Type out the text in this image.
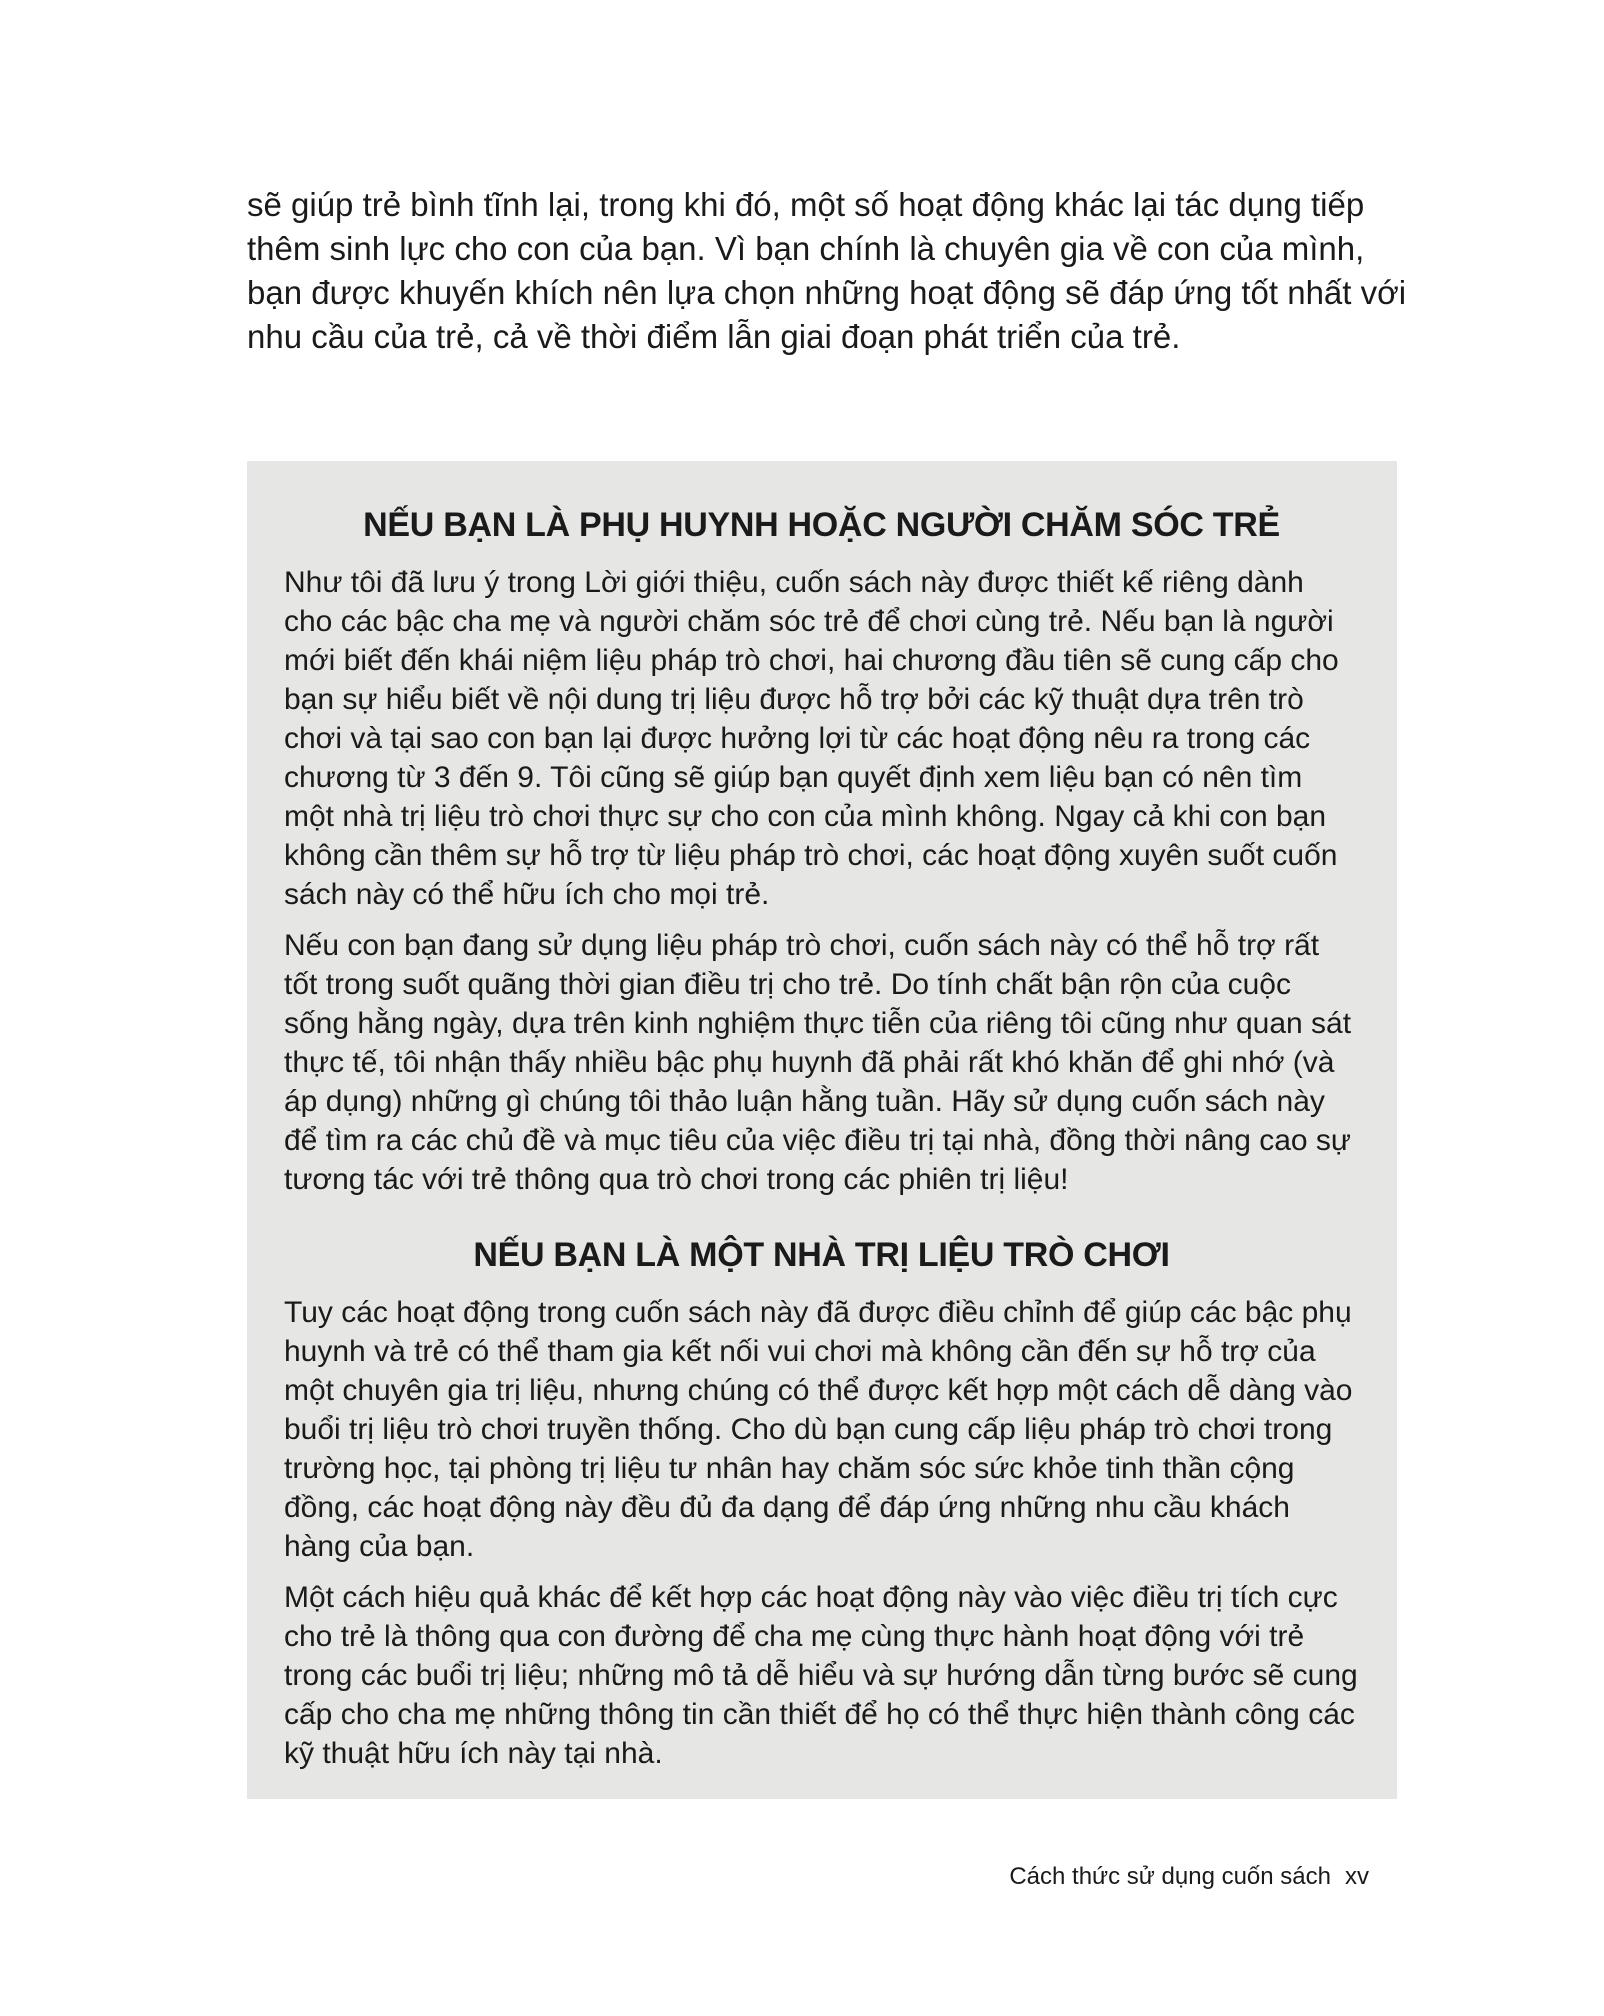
sẽ giúp trẻ bình tĩnh lại, trong khi đó, một số hoạt động khác lại tác dụng tiếp thêm sinh lực cho con của bạn. Vì bạn chính là chuyên gia về con của mình, bạn được khuyến khích nên lựa chọn những hoạt động sẽ đáp ứng tốt nhất với nhu cầu của trẻ, cả về thời điểm lẫn giai đoạn phát triển của trẻ.

NẾU BẠN LÀ PHỤ HUYNH HOẶC NGƯỜI CHĂM SÓC TRẺ

Như tôi đã lưu ý trong Lời giới thiệu, cuốn sách này được thiết kế riêng dành cho các bậc cha mẹ và người chăm sóc trẻ để chơi cùng trẻ. Nếu bạn là người mới biết đến khái niệm liệu pháp trò chơi, hai chương đầu tiên sẽ cung cấp cho bạn sự hiểu biết về nội dung trị liệu được hỗ trợ bởi các kỹ thuật dựa trên trò chơi và tại sao con bạn lại được hưởng lợi từ các hoạt động nêu ra trong các chương từ 3 đến 9. Tôi cũng sẽ giúp bạn quyết định xem liệu bạn có nên tìm một nhà trị liệu trò chơi thực sự cho con của mình không. Ngay cả khi con bạn không cần thêm sự hỗ trợ từ liệu pháp trò chơi, các hoạt động xuyên suốt cuốn sách này có thể hữu ích cho mọi trẻ.

Nếu con bạn đang sử dụng liệu pháp trò chơi, cuốn sách này có thể hỗ trợ rất tốt trong suốt quãng thời gian điều trị cho trẻ. Do tính chất bận rộn của cuộc sống hằng ngày, dựa trên kinh nghiệm thực tiễn của riêng tôi cũng như quan sát thực tế, tôi nhận thấy nhiều bậc phụ huynh đã phải rất khó khăn để ghi nhớ (và áp dụng) những gì chúng tôi thảo luận hằng tuần. Hãy sử dụng cuốn sách này để tìm ra các chủ đề và mục tiêu của việc điều trị tại nhà, đồng thời nâng cao sự tương tác với trẻ thông qua trò chơi trong các phiên trị liệu!

NẾU BẠN LÀ MỘT NHÀ TRỊ LIỆU TRÒ CHƠI

Tuy các hoạt động trong cuốn sách này đã được điều chỉnh để giúp các bậc phụ huynh và trẻ có thể tham gia kết nối vui chơi mà không cần đến sự hỗ trợ của một chuyên gia trị liệu, nhưng chúng có thể được kết hợp một cách dễ dàng vào buổi trị liệu trò chơi truyền thống. Cho dù bạn cung cấp liệu pháp trò chơi trong trường học, tại phòng trị liệu tư nhân hay chăm sóc sức khỏe tinh thần cộng đồng, các hoạt động này đều đủ đa dạng để đáp ứng những nhu cầu khách hàng của bạn.

Một cách hiệu quả khác để kết hợp các hoạt động này vào việc điều trị tích cực cho trẻ là thông qua con đường để cha mẹ cùng thực hành hoạt động với trẻ trong các buổi trị liệu; những mô tả dễ hiểu và sự hướng dẫn từng bước sẽ cung cấp cho cha mẹ những thông tin cần thiết để họ có thể thực hiện thành công các kỹ thuật hữu ích này tại nhà.

Cách thức sử dụng cuốn sách xv
